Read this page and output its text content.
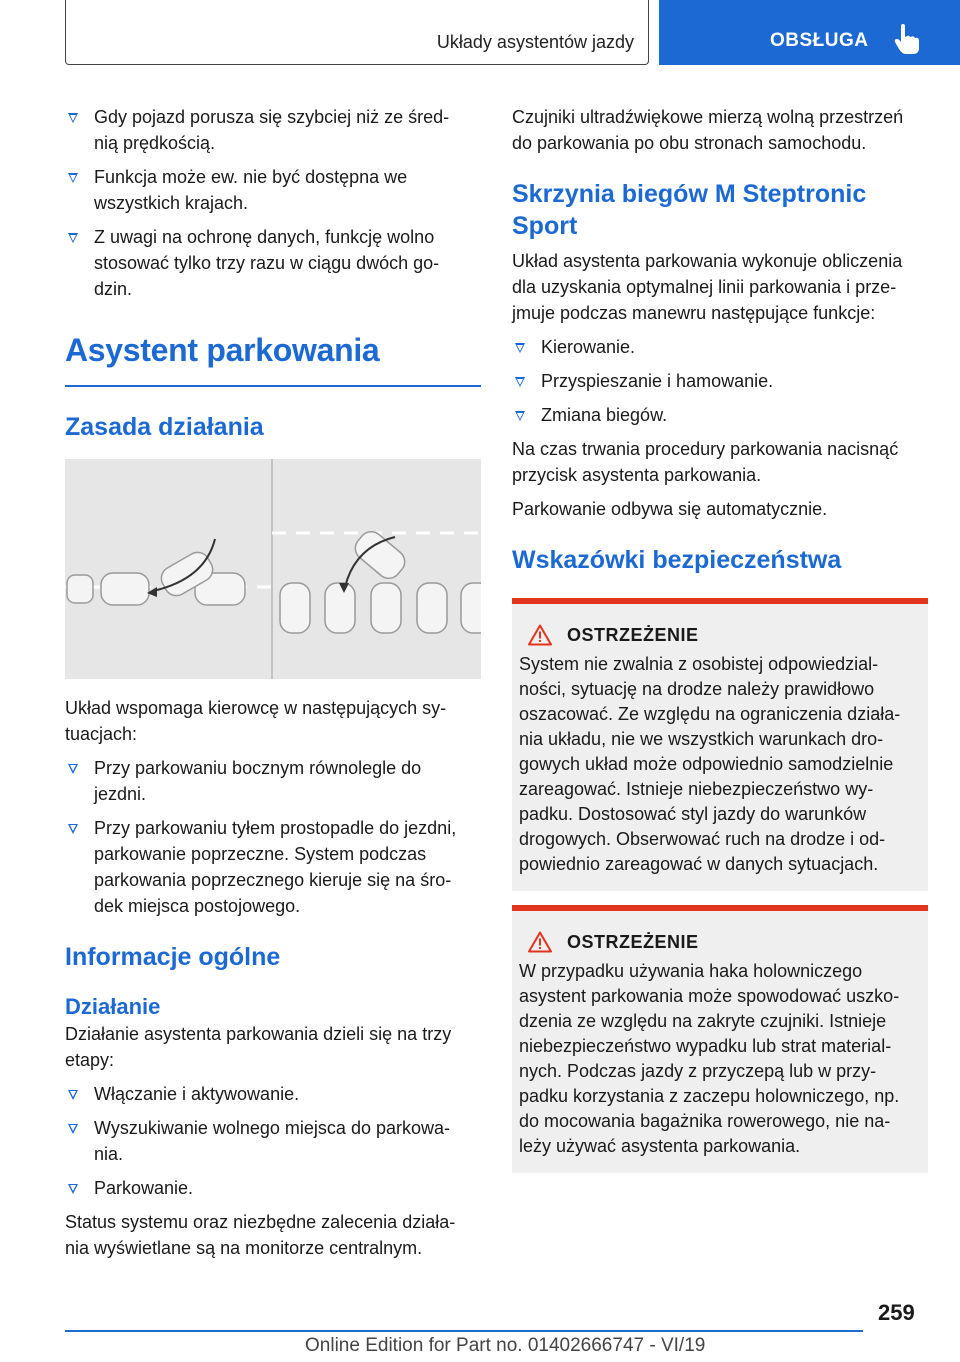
Układy asystentów jazdy	OBSŁUGA
Gdy pojazd porusza się szybciej niż ze śred-
nią prędkością.
Funkcja może ew. nie być dostępna we
wszystkich krajach.
Z uwagi na ochronę danych, funkcję wolno
stosować tylko trzy razu w ciągu dwóch go-
dzin.
Asystent parkowania
Zasada działania

Układ wspomaga kierowcę w następujących sy-
tuacjach:

Przy parkowaniu bocznym równolegle do
jezdni.
Przy parkowaniu tyłem prostopadle do jezdni,
parkowanie poprzeczne. System podczas
parkowania poprzecznego kieruje się na śro-
dek miejsca postojowego.
Informacje ogólne
Działanie

Działanie asystenta parkowania dzieli się na trzy
etapy:

Włączanie i aktywowanie.
Wyszukiwanie wolnego miejsca do parkowa-
nia.
Parkowanie.

Status systemu oraz niezbędne zalecenia działa-
nia wyświetlane są na monitorze centralnym.

Czujniki ultradźwiękowe mierzą wolną przestrzeń
do parkowania po obu stronach samochodu.

Skrzynia biegów M Steptronic Sport

Układ asystenta parkowania wykonuje obliczenia
dla uzyskania optymalnej linii parkowania i prze-
jmuje podczas manewru następujące funkcje:

Kierowanie.
Przyspieszanie i hamowanie.
Zmiana biegów.

Na czas trwania procedury parkowania nacisnąć
przycisk asystenta parkowania.

Parkowanie odbywa się automatycznie.

Wskazówki bezpieczeństwa
OSTRZEŻENIE

System nie zwalnia z osobistej odpowiedzial-
ności, sytuację na drodze należy prawidłowo
oszacować. Ze względu na ograniczenia działa-
nia układu, nie we wszystkich warunkach dro-
gowych układ może odpowiednio samodzielnie
zareagować. Istnieje niebezpieczeństwo wy-
padku. Dostosować styl jazdy do warunków
drogowych. Obserwować ruch na drodze i od-
powiednio zareagować w danych sytuacjach.

OSTRZEŻENIE

W przypadku używania haka holowniczego
asystent parkowania może spowodować uszko-
dzenia ze względu na zakryte czujniki. Istnieje
niebezpieczeństwo wypadku lub strat material-
nych. Podczas jazdy z przyczepą lub w przy-
padku korzystania z zaczepu holowniczego, np.
do mocowania bagażnika rowerowego, nie na-
leży używać asystenta parkowania.

259
Online Edition for Part no. 01402666747 - VI/19
